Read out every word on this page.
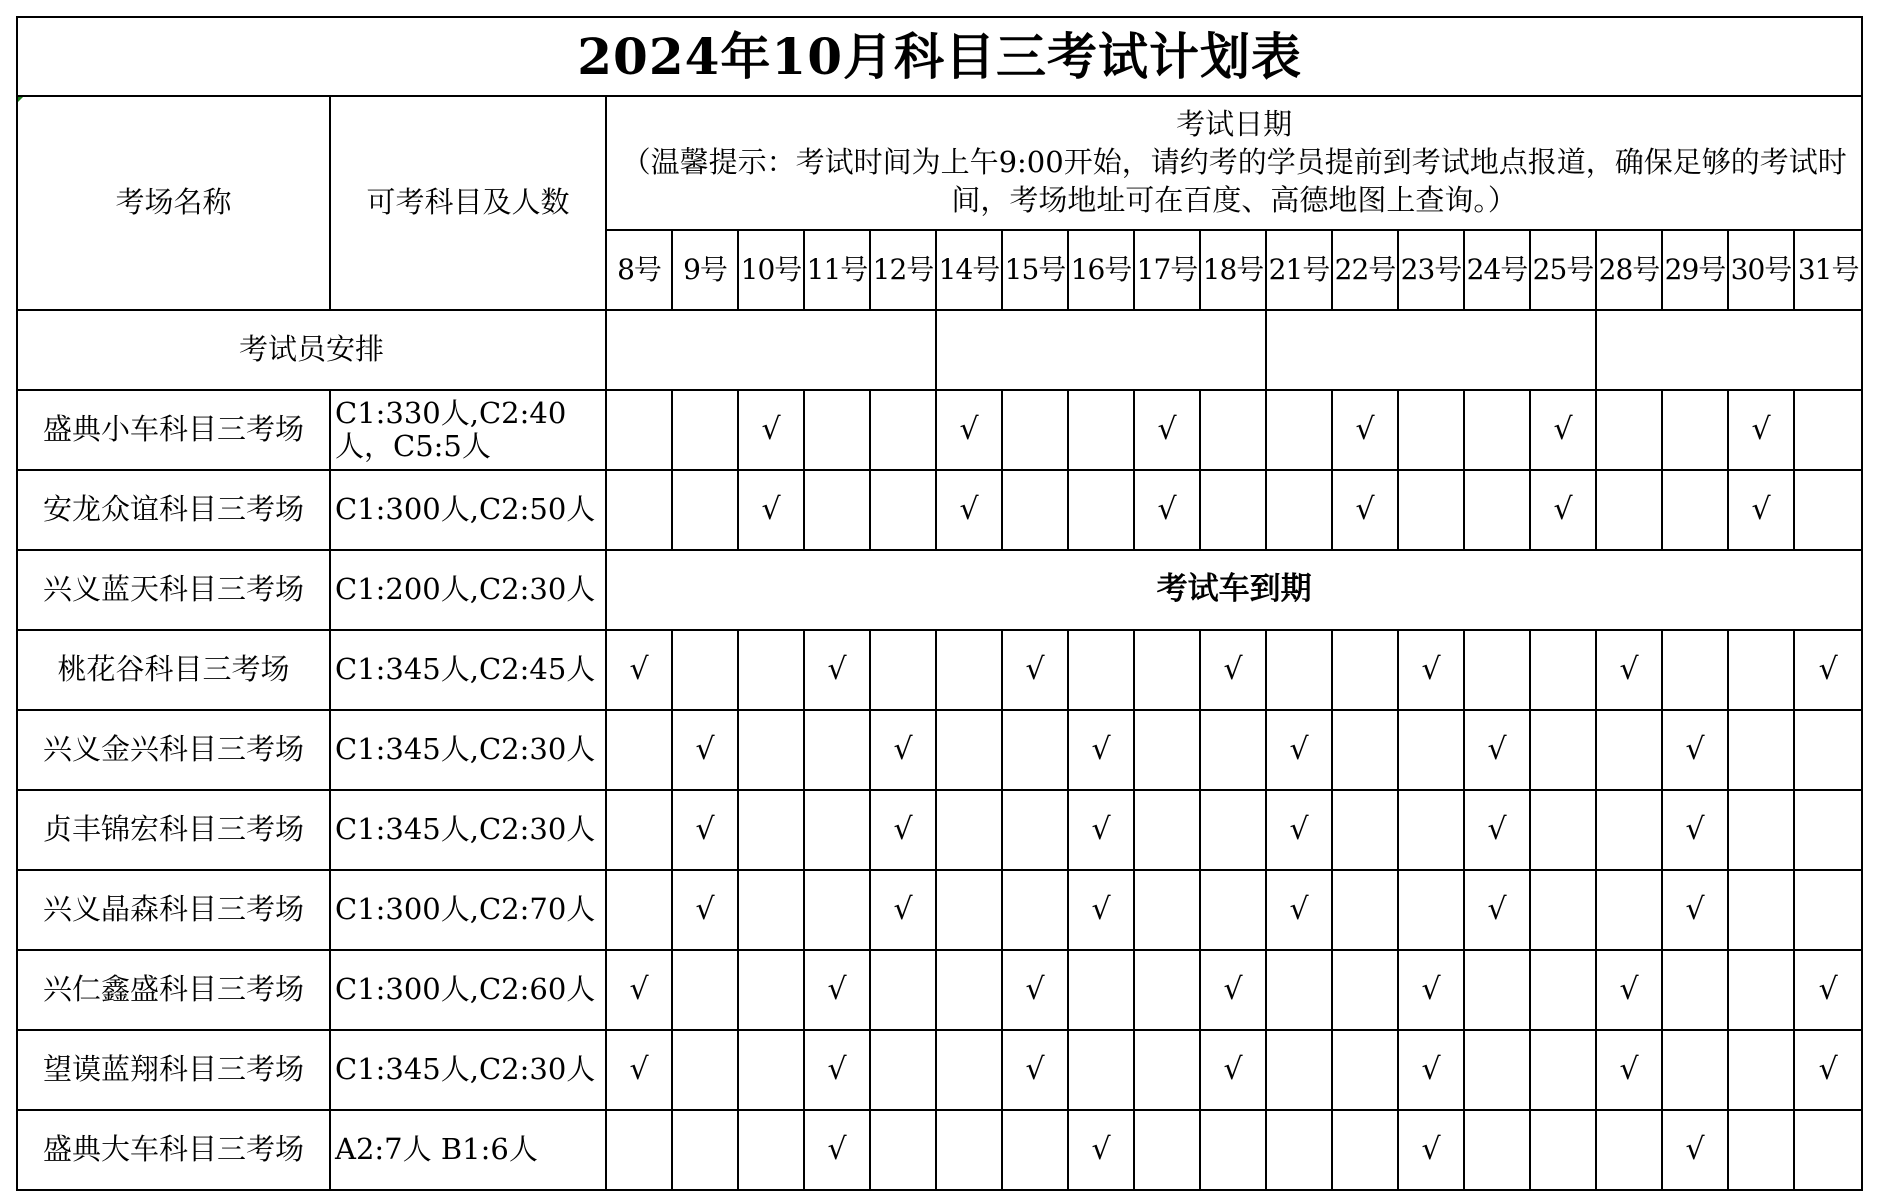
2024年10月科目三考试计划表																				
考场名称	可考科目及人数	考试日期
（温馨提示：考试时间为上午9:00开始，请约考的学员提前到考试地点报道，确保足够的考试时间，考场地址可在百度、高德地图上查询。）																		

		8号	9号	10号	11号	12号	14号	15号	16号	17号	18号	21号	22号	23号	24号	25号	28号	29号	30号	31号
考试员安排																				
盛典小车科目三考场	C1:330人,C2:40人，C5:5人			√			√			√			√			√			√	
安龙众谊科目三考场	C1:300人,C2:50人			√			√			√			√			√			√	
兴义蓝天科目三考场	C1:200人,C2:30人	考试车到期																		
桃花谷科目三考场	C1:345人,C2:45人	√			√			√			√			√			√			√
兴义金兴科目三考场	C1:345人,C2:30人		√			√			√			√			√			√		
贞丰锦宏科目三考场	C1:345人,C2:30人		√			√			√			√			√			√		
兴义晶森科目三考场	C1:300人,C2:70人		√			√			√			√			√			√		
兴仁鑫盛科目三考场	C1:300人,C2:60人	√			√			√			√			√			√			√
望谟蓝翔科目三考场	C1:345人,C2:30人	√			√			√			√			√			√			√
盛典大车科目三考场	A2:7人 B1:6人				√				√					√				√		
